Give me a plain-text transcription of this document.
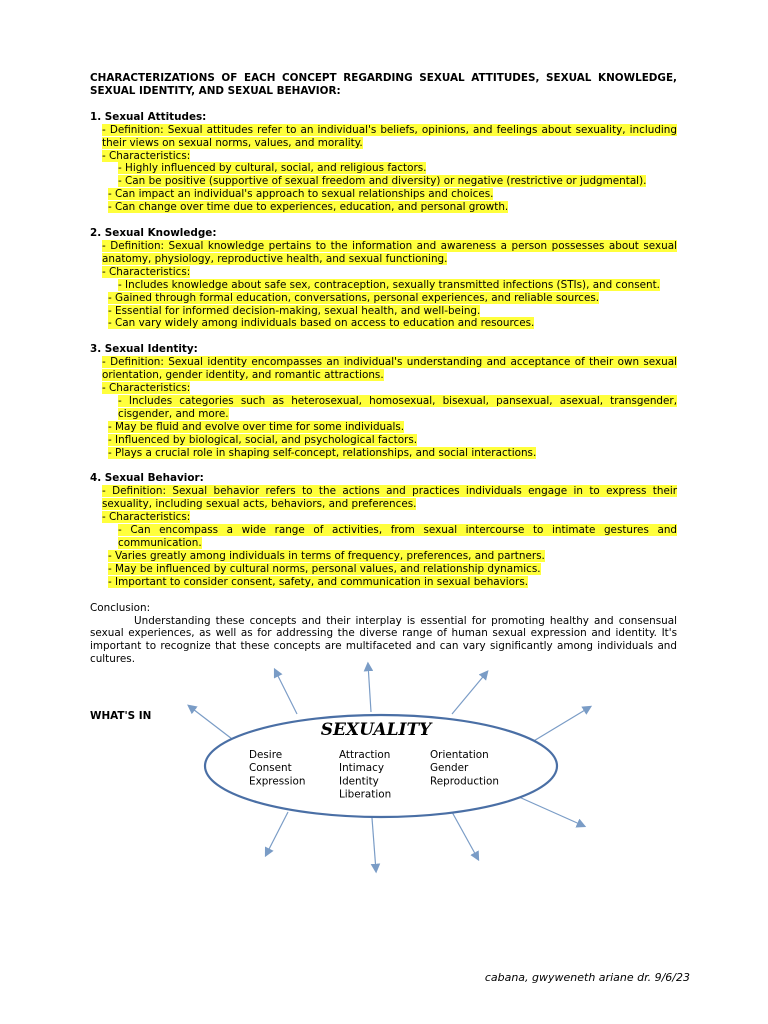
CHARACTERIZATIONS OF EACH CONCEPT REGARDING SEXUAL ATTITUDES, SEXUAL KNOWLEDGE, SEXUAL IDENTITY, AND SEXUAL BEHAVIOR:

1. Sexual Attitudes:

- Definition: Sexual attitudes refer to an individual's beliefs, opinions, and feelings about sexuality, including their views on sexual norms, values, and morality.

- Characteristics:

- Highly influenced by cultural, social, and religious factors.

- Can be positive (supportive of sexual freedom and diversity) or negative (restrictive or judgmental).

- Can impact an individual's approach to sexual relationships and choices.

- Can change over time due to experiences, education, and personal growth.

2. Sexual Knowledge:

- Definition: Sexual knowledge pertains to the information and awareness a person possesses about sexual anatomy, physiology, reproductive health, and sexual functioning.

- Characteristics:

- Includes knowledge about safe sex, contraception, sexually transmitted infections (STIs), and consent.

- Gained through formal education, conversations, personal experiences, and reliable sources.

- Essential for informed decision-making, sexual health, and well-being.

- Can vary widely among individuals based on access to education and resources.

3. Sexual Identity:

- Definition: Sexual identity encompasses an individual's understanding and acceptance of their own sexual orientation, gender identity, and romantic attractions.

- Characteristics:

- Includes categories such as heterosexual, homosexual, bisexual, pansexual, asexual, transgender, cisgender, and more.

- May be fluid and evolve over time for some individuals.

- Influenced by biological, social, and psychological factors.

- Plays a crucial role in shaping self-concept, relationships, and social interactions.

4. Sexual Behavior:

- Definition: Sexual behavior refers to the actions and practices individuals engage in to express their sexuality, including sexual acts, behaviors, and preferences.

- Characteristics:

- Can encompass a wide range of activities, from sexual intercourse to intimate gestures and communication.

- Varies greatly among individuals in terms of frequency, preferences, and partners.

- May be influenced by cultural norms, personal values, and relationship dynamics.

- Important to consider consent, safety, and communication in sexual behaviors.

Conclusion:

Understanding these concepts and their interplay is essential for promoting healthy and consensual sexual experiences, as well as for addressing the diverse range of human sexual expression and identity. It's important to recognize that these concepts are multifaceted and can vary significantly among individuals and cultures.

WHAT'S IN
SEXUALITY
Desire
Consent
Expression
Attraction
Intimacy
Identity
Liberation
Orientation
Gender
Reproduction
cabana, gwyweneth ariane dr. 9/6/23
